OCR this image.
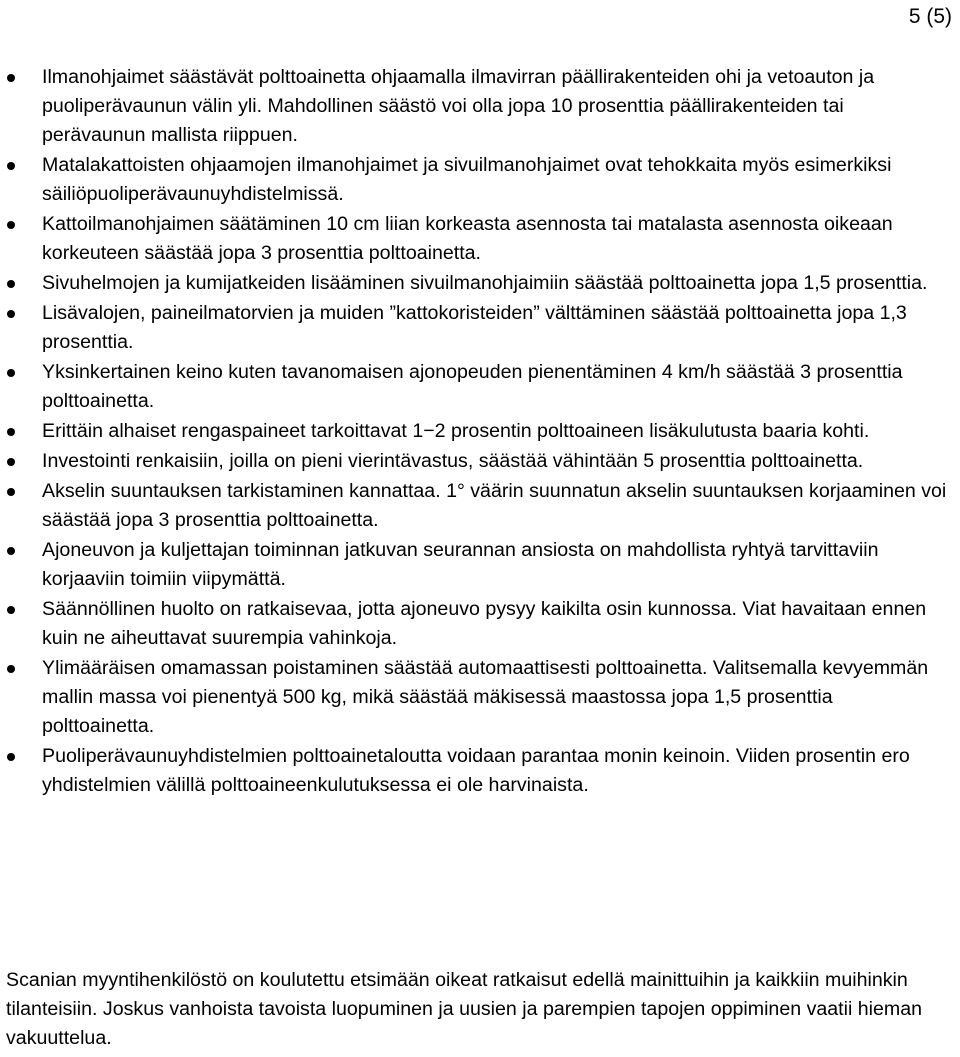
5 (5)
Ilmanohjaimet säästävät polttoainetta ohjaamalla ilmavirran päällirakenteiden ohi ja vetoauton ja puoliperävaunun välin yli. Mahdollinen säästö voi olla jopa 10 prosenttia päällirakenteiden tai perävaunun mallista riippuen.
Matalakattoisten ohjaamojen ilmanohjaimet ja sivuilmanohjaimet ovat tehokkaita myös esimerkiksi säiliöpuoliperävaunuyhdistelmissä.
Kattoilmanohjaimen säätäminen 10 cm liian korkeasta asennosta tai matalasta asennosta oikeaan korkeuteen säästää jopa 3 prosenttia polttoainetta.
Sivuhelmojen ja kumijatkeiden lisääminen sivuilmanohjaimiin säästää polttoainetta jopa 1,5 prosenttia.
Lisävalojen, paineilmatorvien ja muiden ”kattokoristeiden” välttäminen säästää polttoainetta jopa 1,3 prosenttia.
Yksinkertainen keino kuten tavanomaisen ajonopeuden pienentäminen 4 km/h säästää 3 prosenttia polttoainetta.
Erittäin alhaiset rengaspaineet tarkoittavat 1−2 prosentin polttoaineen lisäkulutusta baaria kohti.
Investointi renkaisiin, joilla on pieni vierintävastus, säästää vähintään 5 prosenttia polttoainetta.
Akselin suuntauksen tarkistaminen kannattaa. 1° väärin suunnatun akselin suuntauksen korjaaminen voi säästää jopa 3 prosenttia polttoainetta.
Ajoneuvon ja kuljettajan toiminnan jatkuvan seurannan ansiosta on mahdollista ryhtyä tarvittaviin korjaaviin toimiin viipymättä.
Säännöllinen huolto on ratkaisevaa, jotta ajoneuvo pysyy kaikilta osin kunnossa. Viat havaitaan ennen kuin ne aiheuttavat suurempia vahinkoja.
Ylimääräisen omamassan poistaminen säästää automaattisesti polttoainetta. Valitsemalla kevyemmän mallin massa voi pienentyä 500 kg, mikä säästää mäkisessä maastossa jopa 1,5 prosenttia polttoainetta.
Puoliperävaunuyhdistelmien polttoainetaloutta voidaan parantaa monin keinoin. Viiden prosentin ero yhdistelmien välillä polttoaineenkulutuksessa ei ole harvinaista.

Scanian myyntihenkilöstö on koulutettu etsimään oikeat ratkaisut edellä mainittuihin ja kaikkiin muihinkin tilanteisiin. Joskus vanhoista tavoista luopuminen ja uusien ja parempien tapojen oppiminen vaatii hieman vakuuttelua.
